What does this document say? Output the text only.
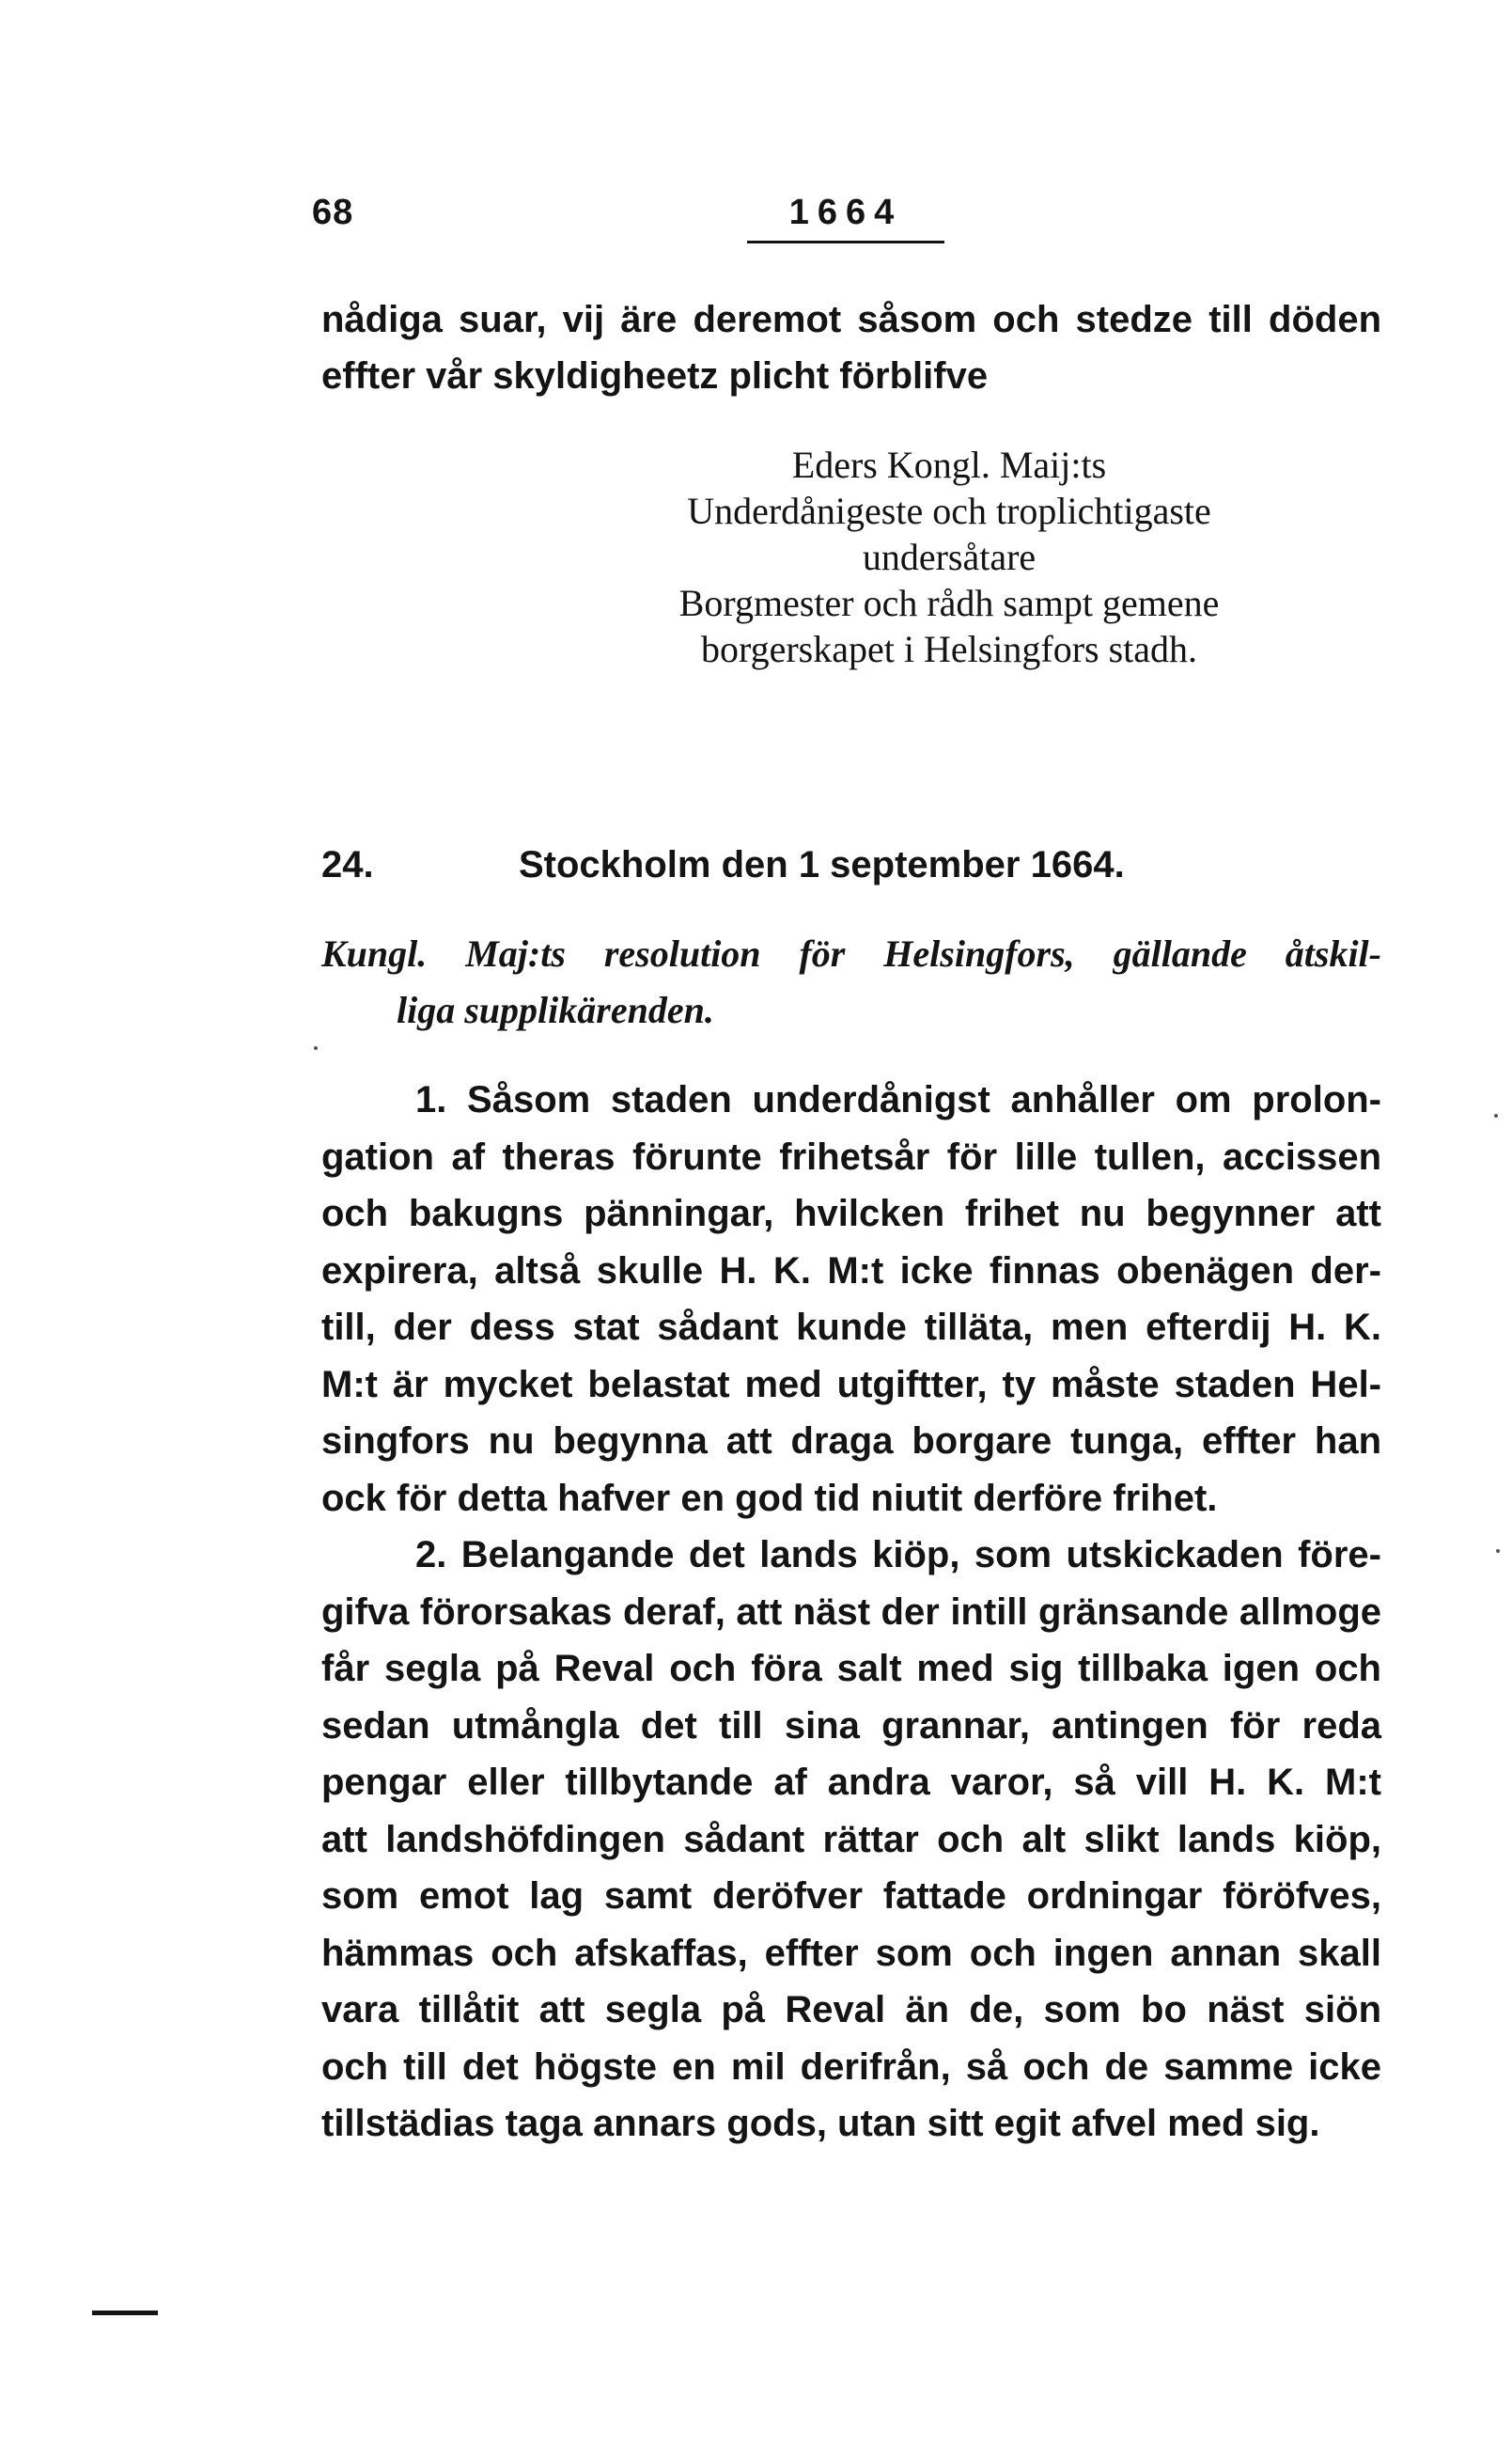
68	1664
nådiga suar, vij äre deremot såsom och stedze till döden
effter vår skyldigheetz plicht förblifve
Eders Kongl. Maij:ts
Underdånigeste och troplichtigaste
undersåtare
Borgmester och rådh sampt gemene
borgerskapet i Helsingfors stadh.
24.	Stockholm den 1 september 1664.
Kungl. Maj:ts resolution för Helsingfors, gällande åtskil-
liga supplikärenden.
1. Såsom staden underdånigst anhåller om prolon-
gation af theras förunte frihetsår för lille tullen, accissen
och bakugns pänningar, hvilcken frihet nu begynner att
expirera, altså skulle H. K. M:t icke finnas obenägen der-
till, der dess stat sådant kunde tilläta, men efterdij H. K.
M:t är mycket belastat med utgiftter, ty måste staden Hel-
singfors nu begynna att draga borgare tunga, effter han
ock för detta hafver en god tid niutit derföre frihet.
2. Belangande det lands kiöp, som utskickaden före-
gifva förorsakas deraf, att näst der intill gränsande allmoge
får segla på Reval och föra salt med sig tillbaka igen och
sedan utmångla det till sina grannar, antingen för reda
pengar eller tillbytande af andra varor, så vill H. K. M:t
att landshöfdingen sådant rättar och alt slikt lands kiöp,
som emot lag samt deröfver fattade ordningar föröfves,
hämmas och afskaffas, effter som och ingen annan skall
vara tillåtit att segla på Reval än de, som bo näst siön
och till det högste en mil derifrån, så och de samme icke
tillstädias taga annars gods, utan sitt egit afvel med sig.
